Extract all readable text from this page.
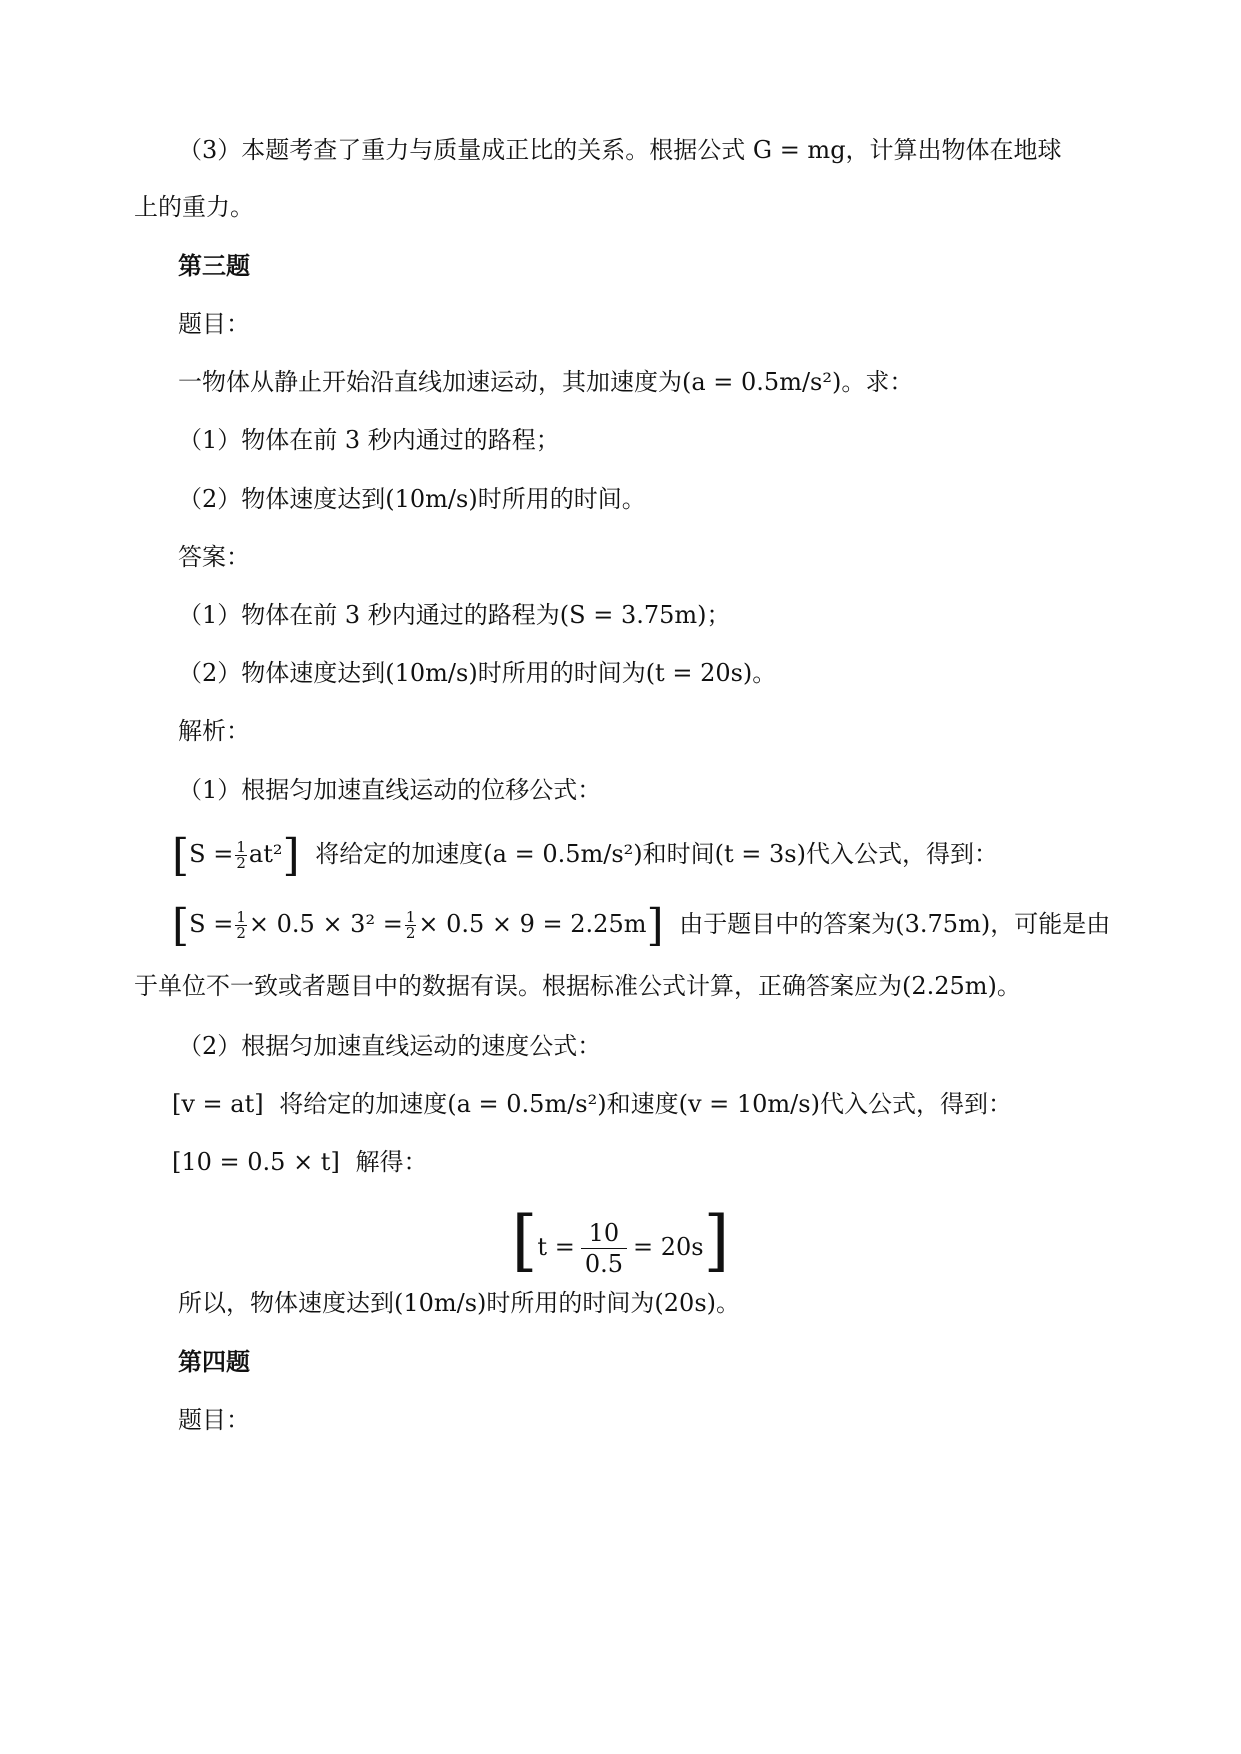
（3）本题考查了重力与质量成正比的关系。根据公式 G = mg，计算出物体在地球
上的重力。
第三题
题目：
一物体从静止开始沿直线加速运动，其加速度为(a = 0.5m/s²)。求：
（1）物体在前 3 秒内通过的路程；
（2）物体速度达到(10m/s)时所用的时间。
答案：
（1）物体在前 3 秒内通过的路程为(S = 3.75m)；
（2）物体速度达到(10m/s)时所用的时间为(t = 20s)。
解析：
（1）根据匀加速直线运动的位移公式：
$[S = \frac{1}{2} at^2]$ 将给定的加速度(a = 0.5m/s²)和时间(t = 3s)代入公式，得到：
$[S = \frac{1}{2} \times 0.5 \times 3^2 = \frac{1}{2} \times 0.5 \times 9 = 2.25m]$ 由于题目中的答案为(3.75m)，可能是由
于单位不一致或者题目中的数据有误。根据标准公式计算，正确答案应为(2.25m)。
（2）根据匀加速直线运动的速度公式：
[v = at] 将给定的加速度(a = 0.5m/s²)和速度(v = 10m/s)代入公式，得到：
[10 = 0.5 × t] 解得：
$[t = \frac{10}{0.5} = 20s]$
所以，物体速度达到(10m/s)时所用的时间为(20s)。
第四题
题目：
